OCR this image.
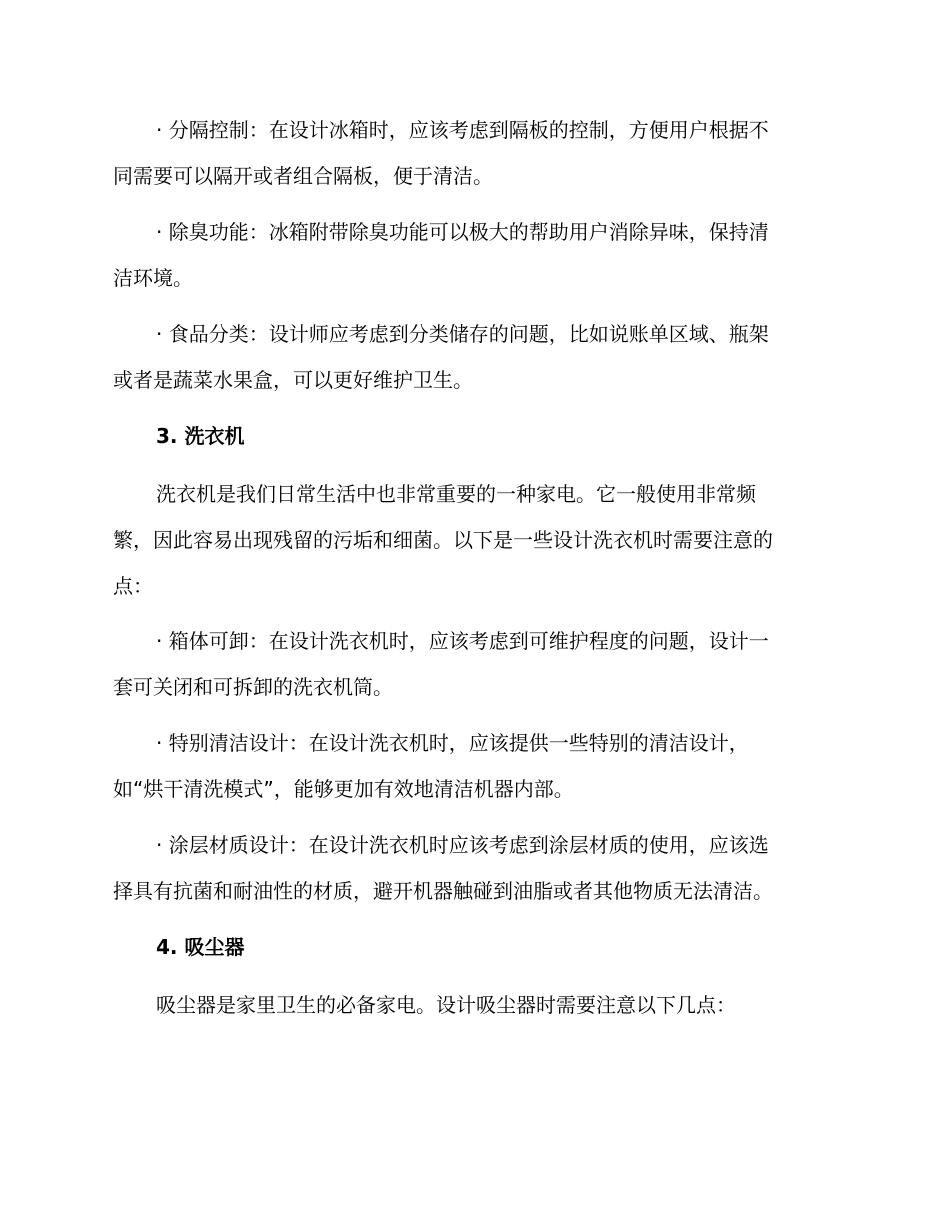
· 分隔控制：在设计冰箱时，应该考虑到隔板的控制，方便用户根据不
同需要可以隔开或者组合隔板，便于清洁。

· 除臭功能：冰箱附带除臭功能可以极大的帮助用户消除异味，保持清
洁环境。

· 食品分类：设计师应考虑到分类储存的问题，比如说账单区域、瓶架
或者是蔬菜水果盒，可以更好维护卫生。

3. 洗衣机

洗衣机是我们日常生活中也非常重要的一种家电。它一般使用非常频
繁，因此容易出现残留的污垢和细菌。以下是一些设计洗衣机时需要注意的
点：

· 箱体可卸：在设计洗衣机时，应该考虑到可维护程度的问题，设计一
套可关闭和可拆卸的洗衣机筒。

· 特别清洁设计：在设计洗衣机时，应该提供一些特别的清洁设计，
如“烘干清洗模式”，能够更加有效地清洁机器内部。

· 涂层材质设计：在设计洗衣机时应该考虑到涂层材质的使用，应该选
择具有抗菌和耐油性的材质，避开机器触碰到油脂或者其他物质无法清洁。

4. 吸尘器

吸尘器是家里卫生的必备家电。设计吸尘器时需要注意以下几点：
